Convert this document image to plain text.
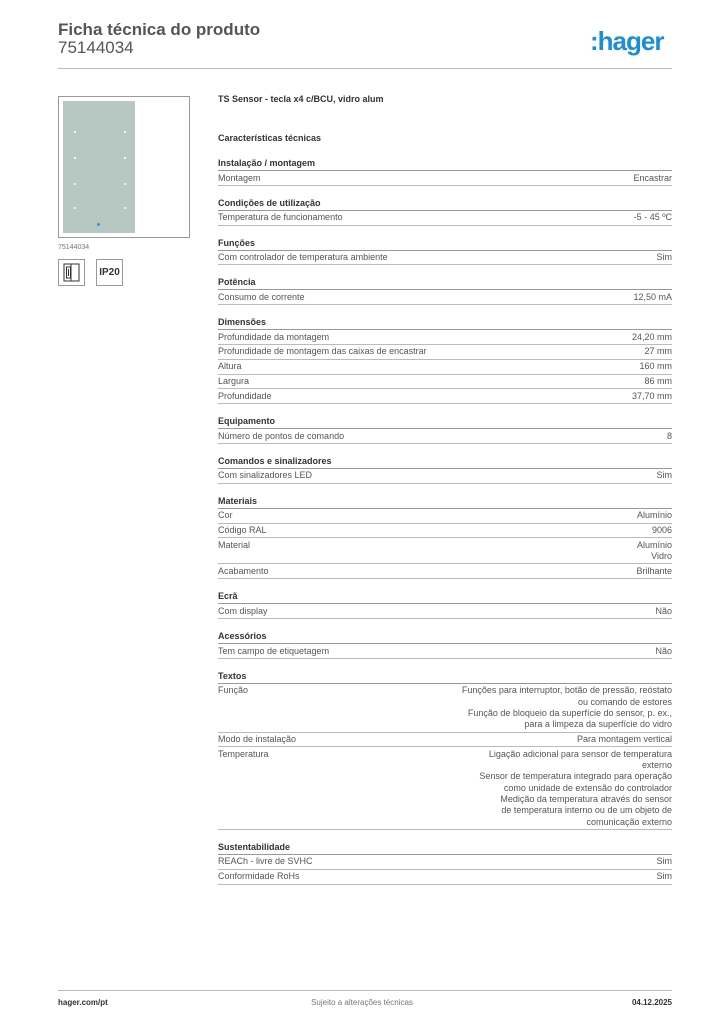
Ficha técnica do produto
75144034	:hager
75144034
IP20
TS Sensor - tecla x4 c/BCU, vidro alum
Características técnicas
Instalação / montagem
Montagem	Encastrar
Condições de utilização
Temperatura de funcionamento	-5 - 45 ºC
Funções
Com controlador de temperatura ambiente	Sim
Potência
Consumo de corrente	12,50 mA
Dimensões
Profundidade da montagem	24,20 mm
Profundidade de montagem das caixas de encastrar	27 mm
Altura	160 mm
Largura	86 mm
Profundidade	37,70 mm
Equipamento
Número de pontos de comando	8
Comandos e sinalizadores
Com sinalizadores LED	Sim
Materiais
Cor	Alumínio
Código RAL	9006
Material	Alumínio
Vidro
Acabamento	Brilhante
Ecrã
Com display	Não
Acessórios
Tem campo de etiquetagem	Não
Textos
Função	Funções para interruptor, botão de pressão, reóstato
ou comando de estores
Função de bloqueio da superfície do sensor, p. ex.,
para a limpeza da superfície do vidro
Modo de instalação	Para montagem vertical
Temperatura	Ligação adicional para sensor de temperatura
externo
Sensor de temperatura integrado para operação
como unidade de extensão do controlador
Medição da temperatura através do sensor
de temperatura interno ou de um objeto de
comunicação externo
Sustentabilidade
REACh - livre de SVHC	Sim
Conformidade RoHs	Sim
hager.com/pt	Sujeito a alterações técnicas	04.12.2025
